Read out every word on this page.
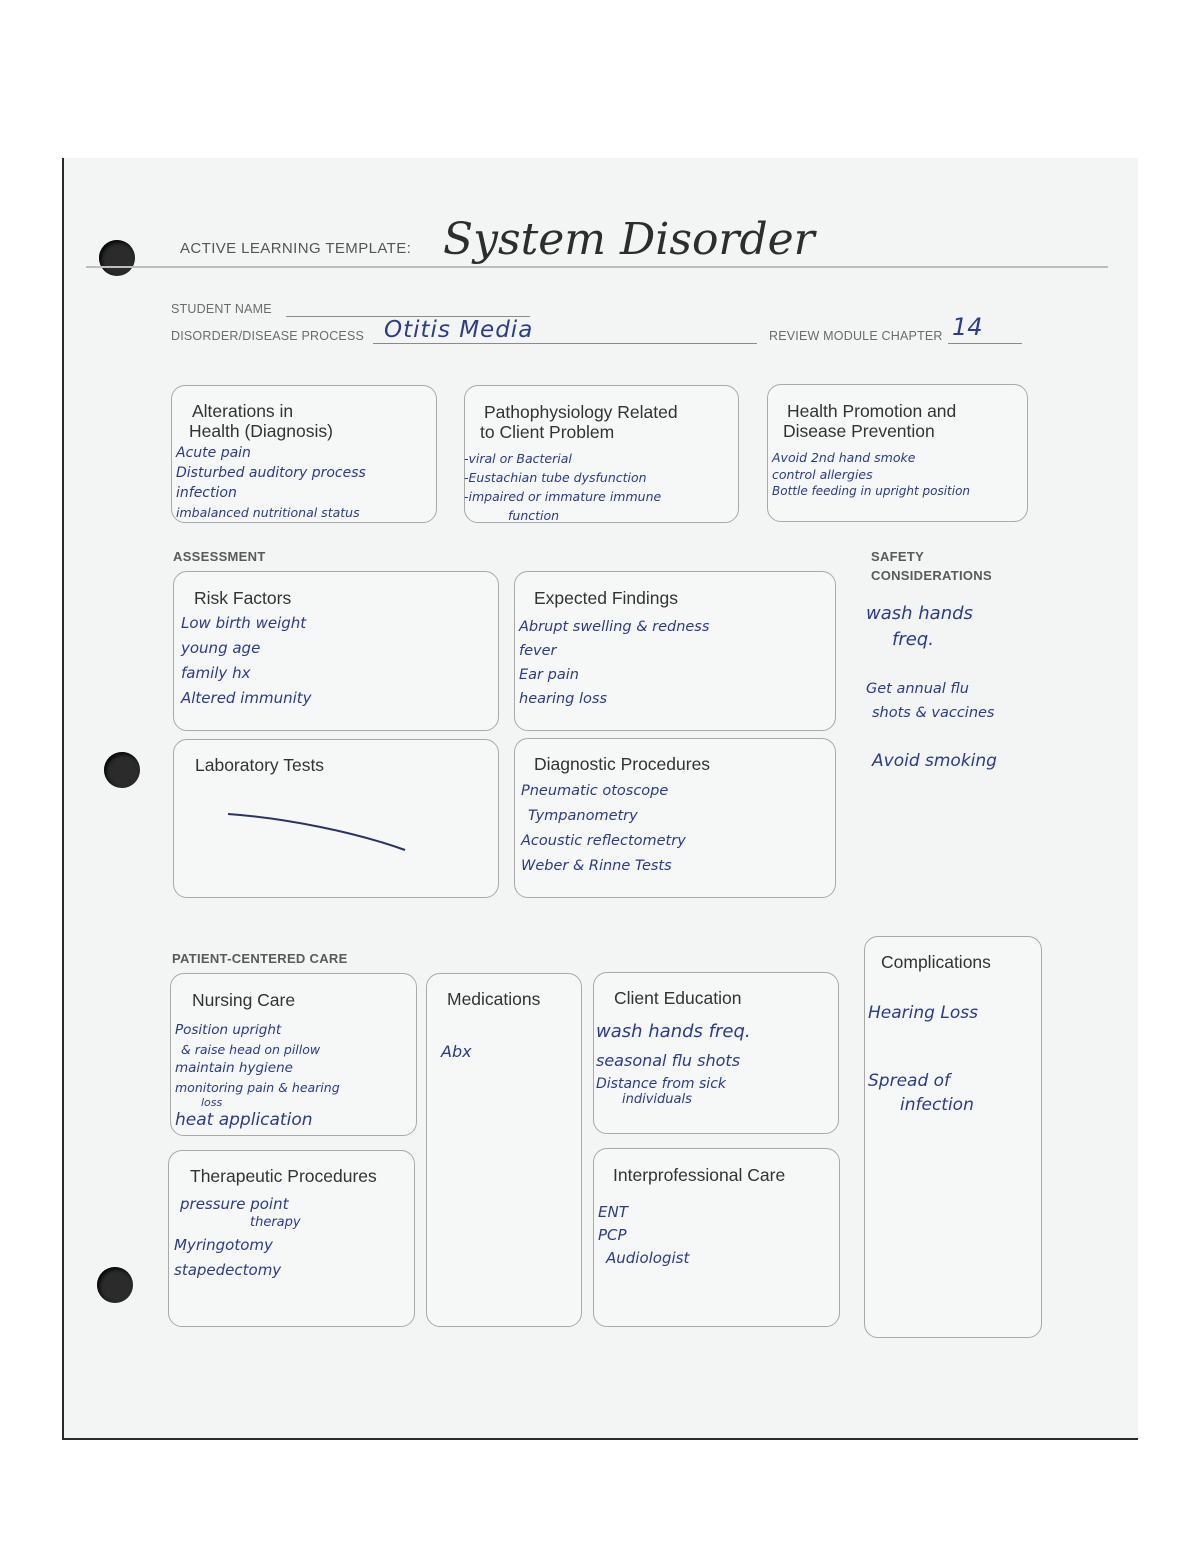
ACTIVE LEARNING TEMPLATE: System Disorder
STUDENT NAME
DISORDER/DISEASE PROCESS Otitis Media	REVIEW MODULE CHAPTER 14
Alterations in
Health (Diagnosis)
Acute pain
Disturbed auditory process
infection
imbalanced nutritional status
Pathophysiology Related
to Client Problem
-viral or Bacterial
-Eustachian tube dysfunction
-impaired or immature immune
function
Health Promotion and
Disease Prevention
Avoid 2nd hand smoke
control allergies
Bottle feeding in upright position
ASSESSMENT
Risk Factors
Low birth weight
young age
family hx
Altered immunity
Expected Findings
Abrupt swelling & redness
fever
Ear pain
hearing loss
Laboratory Tests	Diagnostic Procedures
Pneumatic otoscope
Tympanometry
Acoustic reflectometry
Weber & Rinne Tests
SAFETY
CONSIDERATIONS
wash hands
freq.
Get annual flu
shots & vaccines
Avoid smoking
PATIENT-CENTERED CARE
Nursing Care
Position upright
& raise head on pillow
maintain hygiene
monitoring pain & hearing
loss
heat application
Medications
Abx
Client Education
wash hands freq.
seasonal flu shots
Distance from sick
individuals
Therapeutic Procedures
pressure point
therapy
Myringotomy
stapedectomy
Interprofessional Care
ENT
PCP
Audiologist
Complications
Hearing Loss
Spread of
infection
